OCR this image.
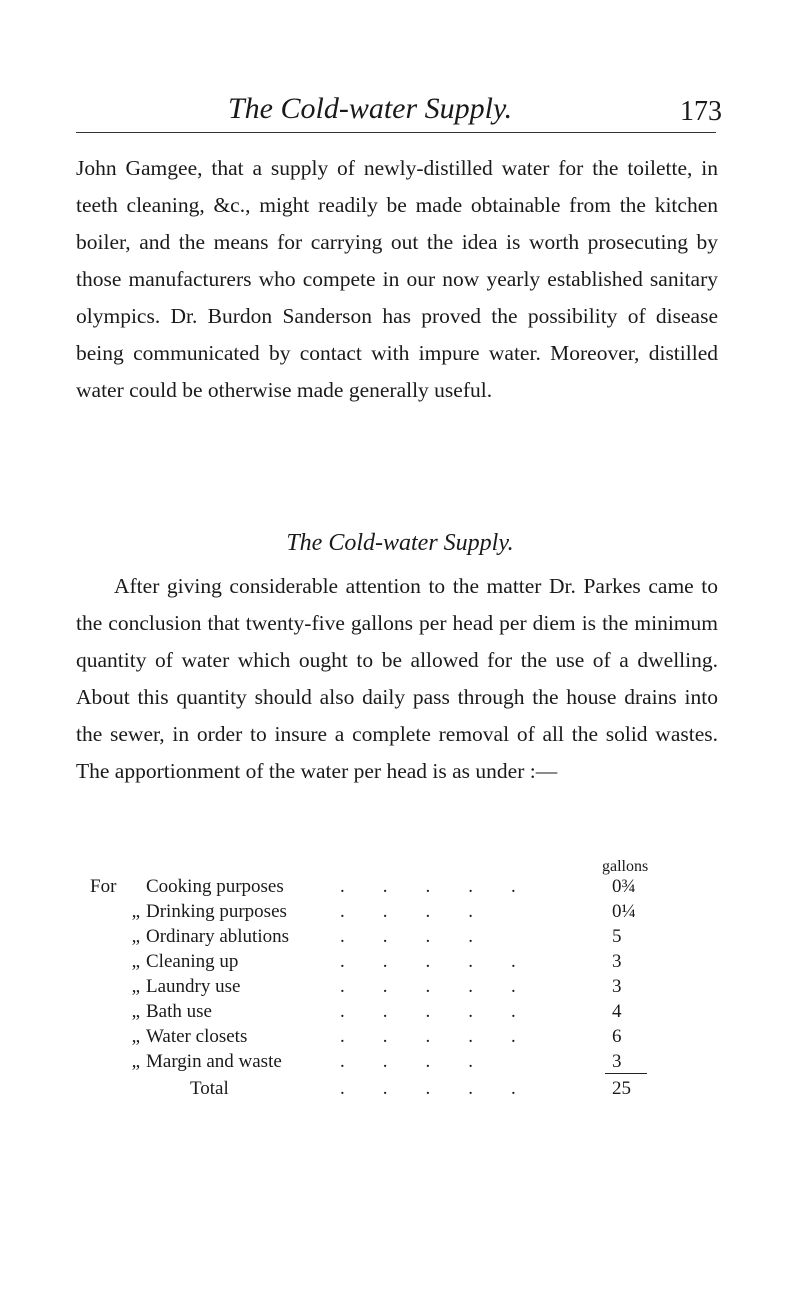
The Cold-water Supply.	173

John Gamgee, that a supply of newly-distilled water for the toilette, in teeth cleaning, &c., might readily be made obtainable from the kitchen boiler, and the means for carrying out the idea is worth prosecuting by those manufacturers who compete in our now yearly established sanitary olympics. Dr. Burdon Sanderson has proved the possibility of disease being communicated by contact with impure water. Moreover, distilled water could be otherwise made generally useful.

The Cold-water Supply.

After giving considerable attention to the matter Dr. Parkes came to the conclusion that twenty-five gallons per head per diem is the minimum quantity of water which ought to be allowed for the use of a dwelling. About this quantity should also daily pass through the house drains into the sewer, in order to insure a complete removal of all the solid wastes. The apportionment of the water per head is as under :—

gallons
For	Cooking purposes	.....	0¾
„ Drinking purposes	....	0¼
„ Ordinary ablutions	....	5
„ Cleaning up	.....	3
„ Laundry use	.....	3
„ Bath use	.....	4
„ Water closets	.....	6
„ Margin and waste	....	3
Total	.....	25
